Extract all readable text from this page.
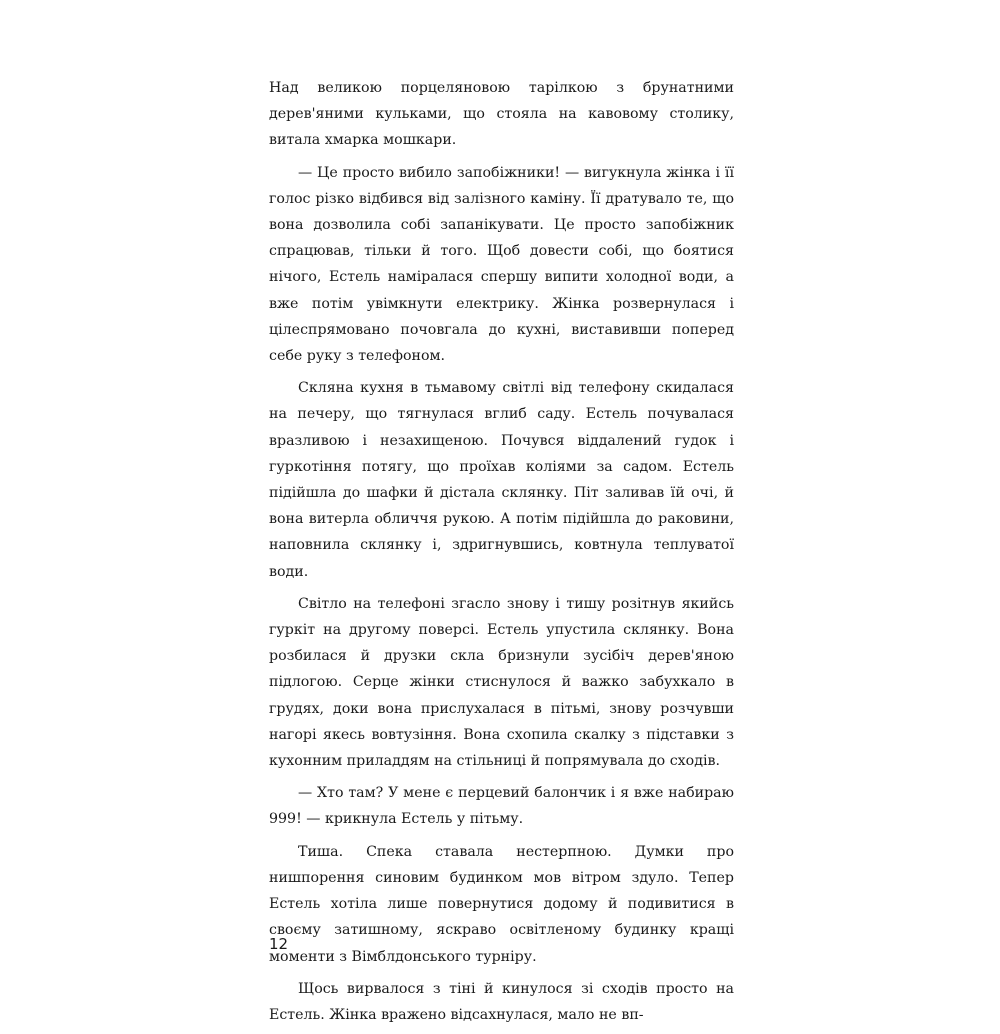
Над великою порцеляновою тарілкою з брунатними дерев'яними кульками, що стояла на кавовому столику, витала хмарка мошкари.

— Це просто вибило запобіжники! — вигукнула жінка і її голос різко відбився від залізного каміну. Її дратувало те, що вона дозволила собі запанікувати. Це просто запобіжник спрацював, тільки й того. Щоб довести собі, що боятися нічого, Естель наміралася спершу випити холодної води, а вже потім увімкнути електрику. Жінка розвернулася і цілеспрямовано почовгала до кухні, виставивши поперед себе руку з телефоном.

Скляна кухня в тьмавому світлі від телефону скидалася на печеру, що тягнулася вглиб саду. Естель почувалася вразливою і незахищеною. Почувся віддалений гудок і гуркотіння потягу, що проїхав коліями за садом. Естель підійшла до шафки й дістала склянку. Піт заливав їй очі, й вона витерла обличчя рукою. А потім підійшла до раковини, наповнила склянку і, здригнувшись, ковтнула теплуватої води.

Світло на телефоні згасло знову і тишу розітнув якийсь гуркіт на другому поверсі. Естель упустила склянку. Вона розбилася й друзки скла бризнули зусібіч дерев'яною підлогою. Серце жінки стиснулося й важко забухкало в грудях, доки вона прислухалася в пітьмі, знову розчувши нагорі якесь вовтузіння. Вона схопила скалку з підставки з кухонним приладдям на стільниці й попрямувала до сходів.

— Хто там? У мене є перцевий балончик і я вже набираю 999! — крикнула Естель у пітьму.

Тиша. Спека ставала нестерпною. Думки про нишпорення синовим будинком мов вітром здуло. Тепер Естель хотіла лише повернутися додому й подивитися в своєму затишному, яскраво освітленому будинку кращі моменти з Вімблдонського турніру.

Щось вирвалося з тіні й кинулося зі сходів просто на Естель. Жінка вражено відсахнулася, мало не вп-

12
